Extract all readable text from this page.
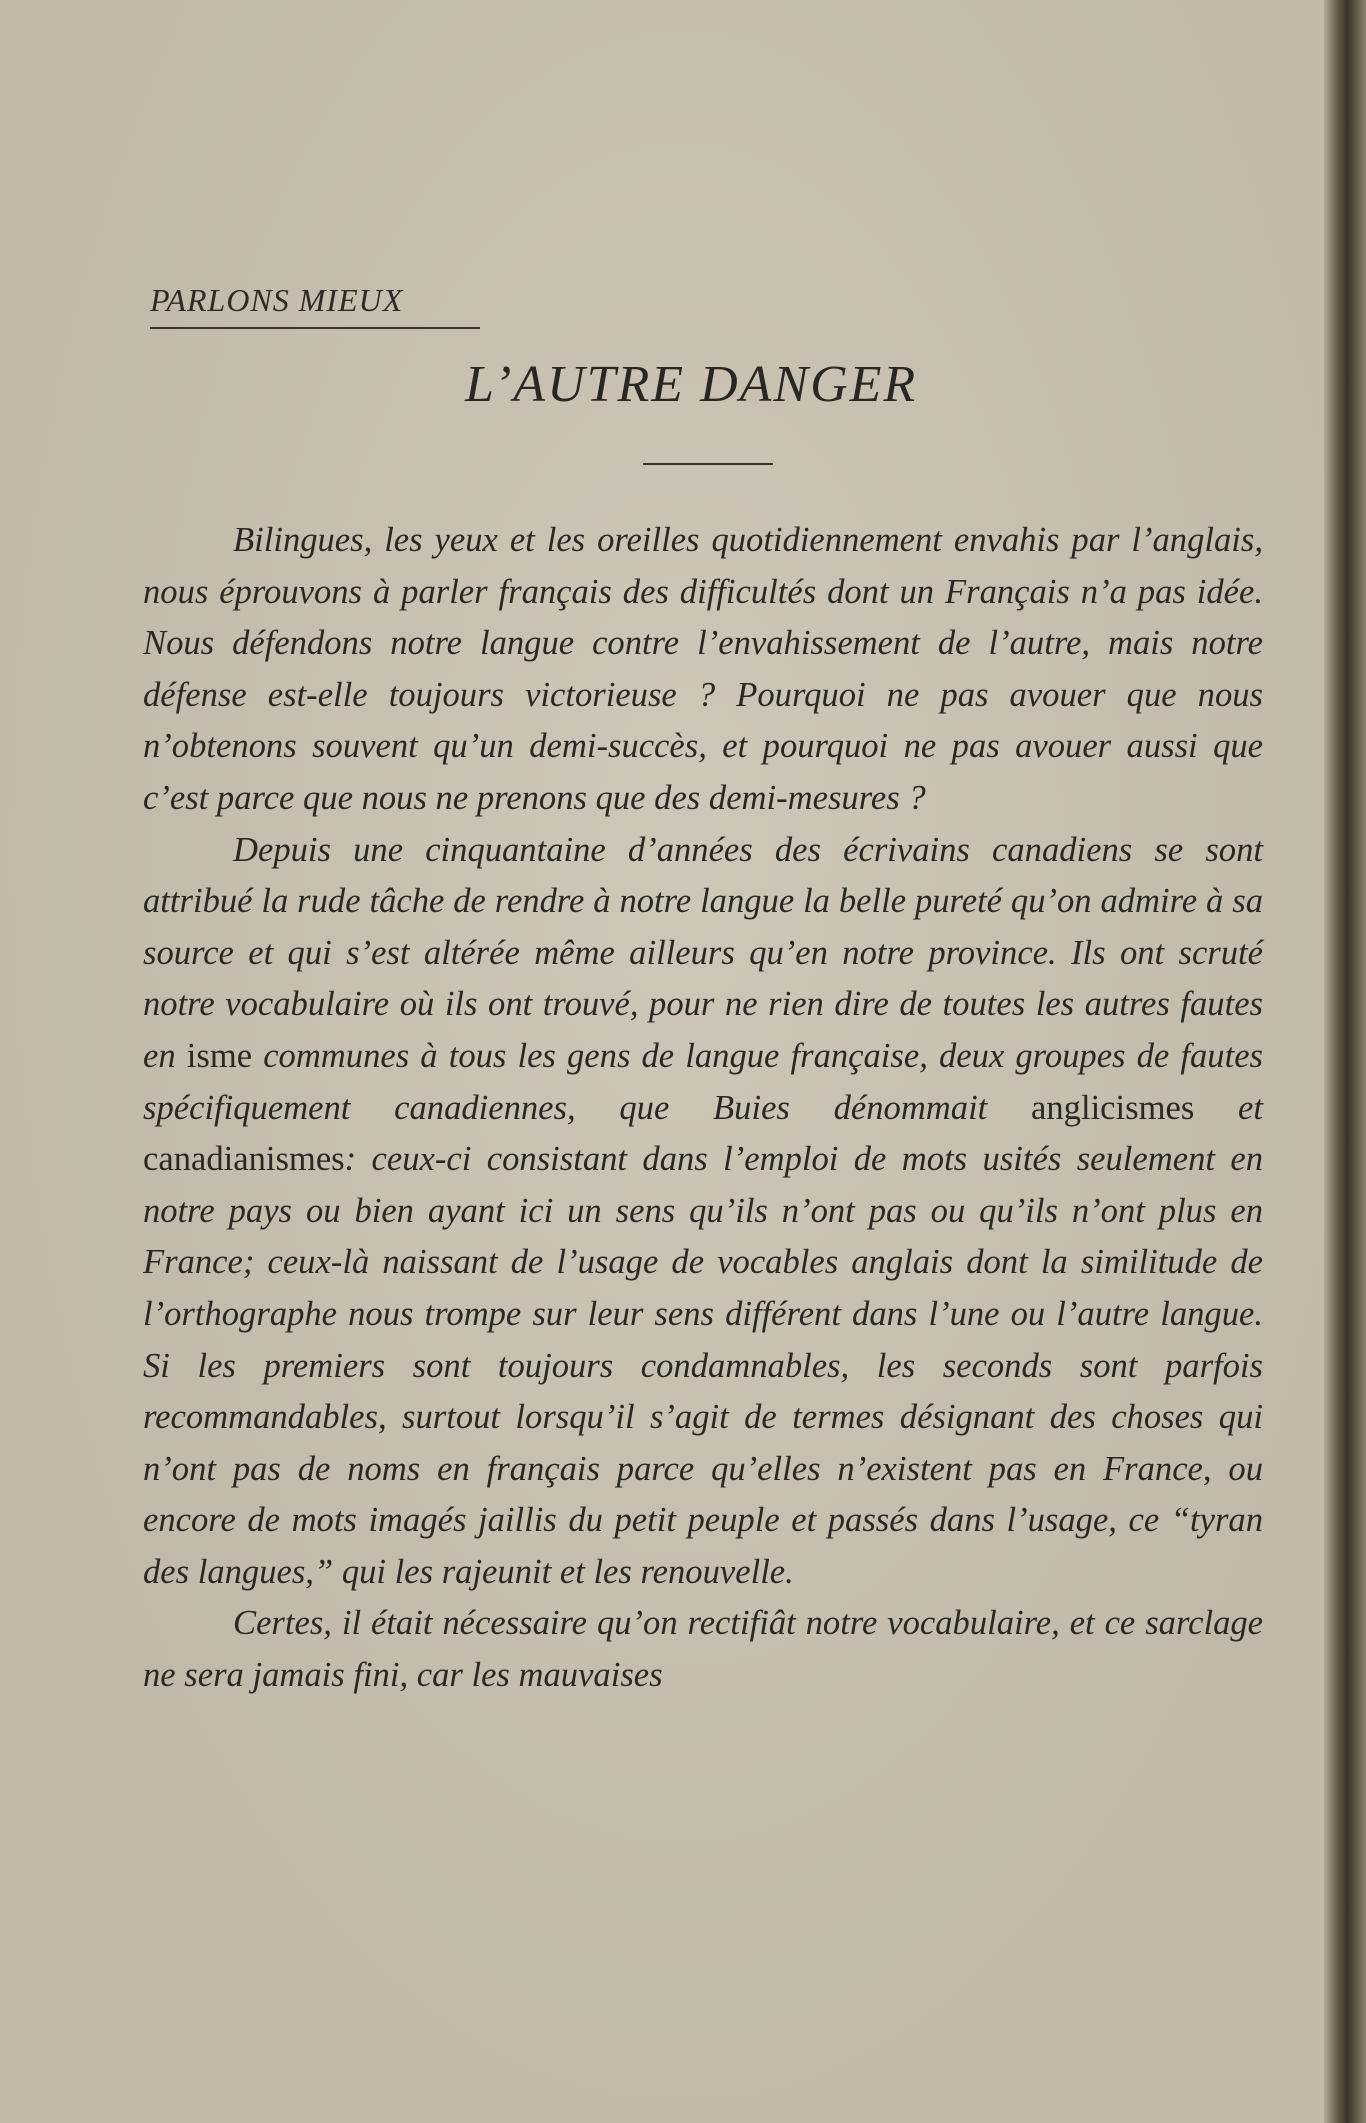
PARLONS MIEUX
L’AUTRE DANGER

Bilingues, les yeux et les oreilles quotidiennement envahis par l’anglais, nous éprouvons à parler français des difficultés dont un Français n’a pas idée. Nous défendons notre langue contre l’envahissement de l’autre, mais notre défense est-elle toujours victorieuse ? Pourquoi ne pas avouer que nous n’obtenons souvent qu’un demi-succès, et pourquoi ne pas avouer aussi que c’est parce que nous ne prenons que des demi-mesures ?

Depuis une cinquantaine d’années des écrivains canadiens se sont attribué la rude tâche de rendre à notre langue la belle pureté qu’on admire à sa source et qui s’est altérée même ailleurs qu’en notre province. Ils ont scruté notre vocabulaire où ils ont trouvé, pour ne rien dire de toutes les autres fautes en isme communes à tous les gens de langue française, deux groupes de fautes spécifiquement canadiennes, que Buies dénommait anglicismes et canadianismes: ceux-ci consistant dans l’emploi de mots usités seulement en notre pays ou bien ayant ici un sens qu’ils n’ont pas ou qu’ils n’ont plus en France; ceux-là naissant de l’usage de vocables anglais dont la similitude de l’orthographe nous trompe sur leur sens différent dans l’une ou l’autre langue. Si les premiers sont toujours condamnables, les seconds sont parfois recommandables, surtout lorsqu’il s’agit de termes désignant des choses qui n’ont pas de noms en français parce qu’elles n’existent pas en France, ou encore de mots imagés jaillis du petit peuple et passés dans l’usage, ce “tyran des langues,” qui les rajeunit et les renouvelle.

Certes, il était nécessaire qu’on rectifiât notre vocabulaire, et ce sarclage ne sera jamais fini, car les mauvaises
